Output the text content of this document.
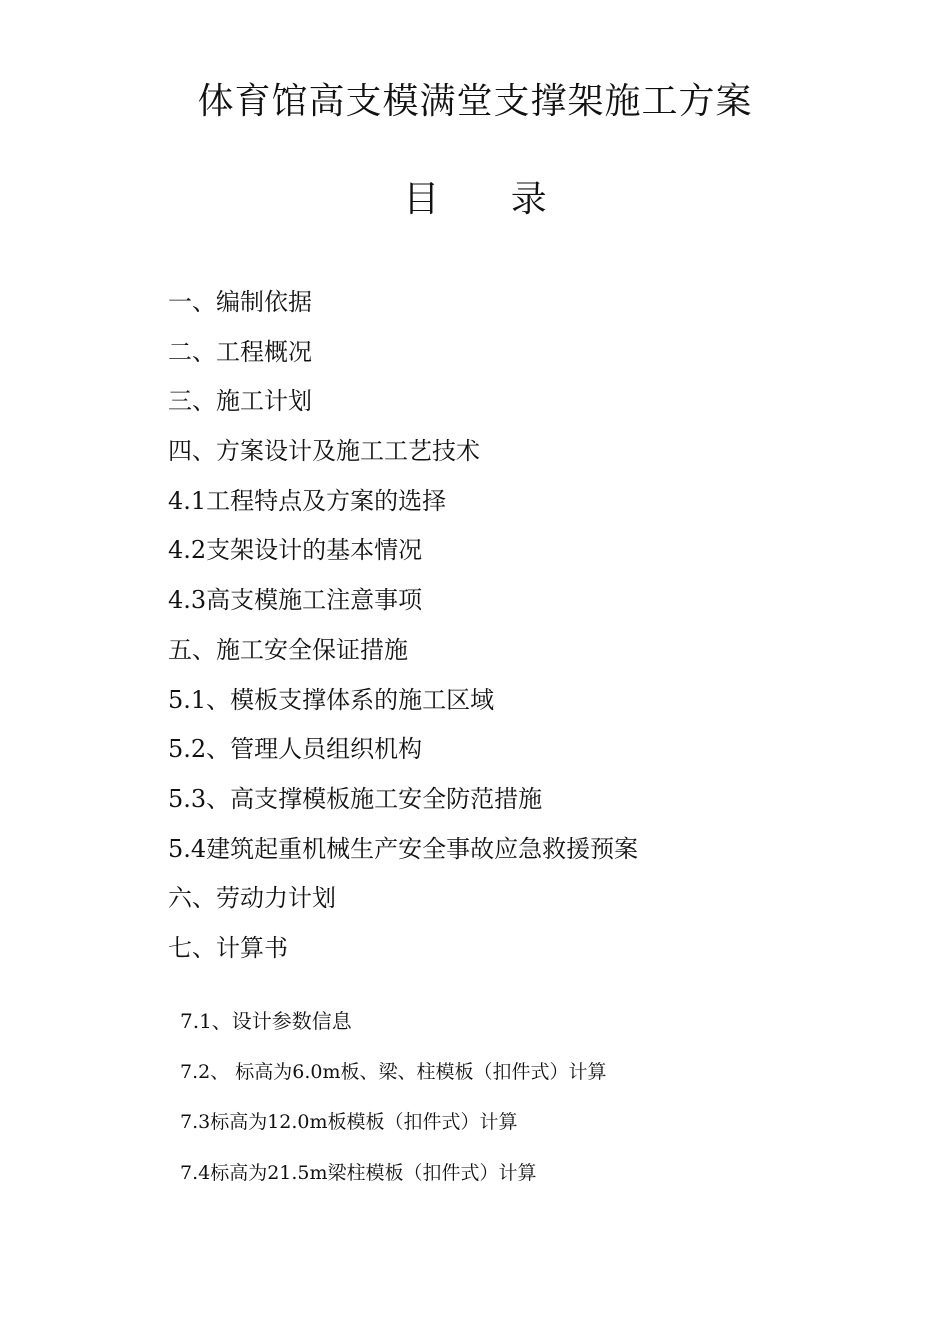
体育馆高支模满堂支撑架施工方案
目 录
一、编制依据
二、工程概况
三、施工计划
四、方案设计及施工工艺技术
4.1工程特点及方案的选择
4.2支架设计的基本情况
4.3高支模施工注意事项
五、施工安全保证措施
5.1、模板支撑体系的施工区域
5.2、管理人员组织机构
5.3、高支撑模板施工安全防范措施
5.4建筑起重机械生产安全事故应急救援预案
六、劳动力计划
七、计算书
7.1、设计参数信息
7.2、 标高为6.0m板、梁、柱模板（扣件式）计算
7.3标高为12.0m板模板（扣件式）计算
7.4标高为21.5m梁柱模板（扣件式）计算
